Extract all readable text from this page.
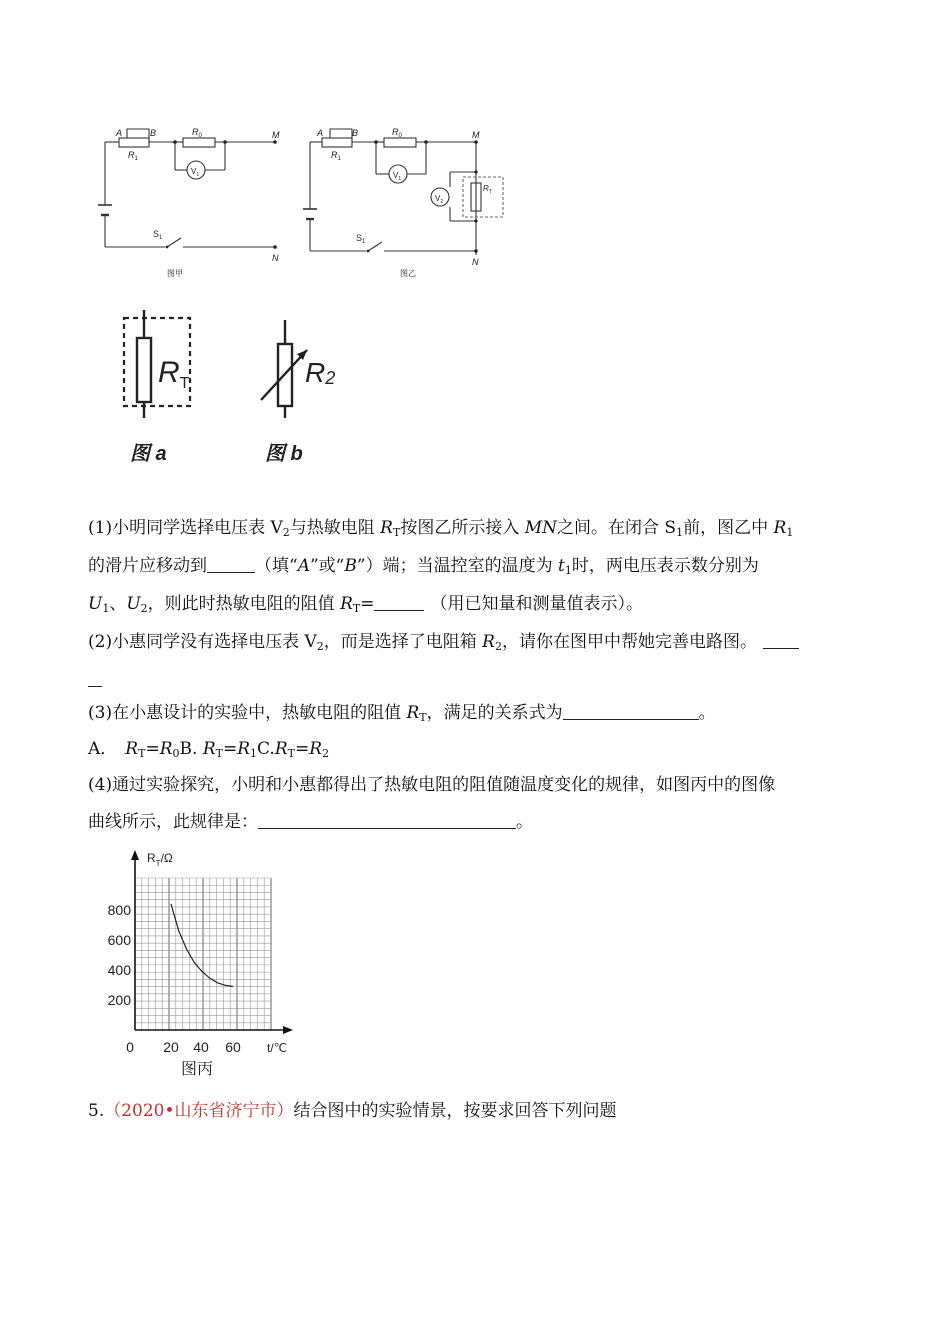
A	B
$R_1$
$R_0$	M
N
$V_1$
$S_1$
图甲
A	B
$R_1$
$R_0$	M
N
$R_T$
$V_1$
$V_2$
$S_1$
图乙
$R_T$
图 a
R2
图 b
(1)小明同学选择电压表 $V_2$与热敏电阻 $R_T$按图乙所示接入 MN之间。在闭合 $S_1$前，图乙中 $R_1$
的滑片应移动到	（填“A”或“B”）端；当温控室的温度为 $t_1$时，两电压表示数分别为
$U_1$、$U_2$，则此时热敏电阻的阻值 $R_T=$	（用已知量和测量值表示）。
(2)小惠同学没有选择电压表 $V_2$，而是选择了电阻箱 $R_2$，请你在图甲中帮她完善电路图。
(3)在小惠设计的实验中，热敏电阻的阻值 $R_T$，满足的关系式为	。
A． $R_T=R_0B$. $R_T=R_1C.R_T=R_2$
(4)通过实验探究，小明和小惠都得出了热敏电阻的阻值随温度变化的规律，如图丙中的图像
曲线所示，此规律是：	。
800
600
400
200
0 20 40 60
$R_T/\Omega$
t/℃
图丙
5.（2020•山东省济宁市）结合图中的实验情景，按要求回答下列问题
